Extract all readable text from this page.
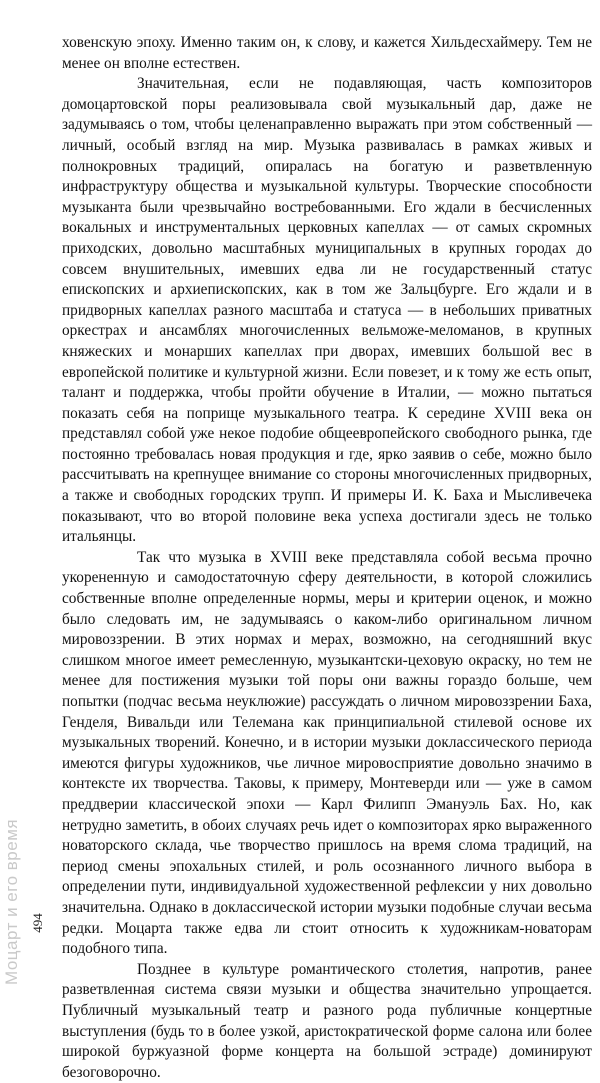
ховенскую эпоху. Именно таким он, к слову, и кажется Хильдесхаймеру. Тем не менее он вполне естествен.

Значительная, если не подавляющая, часть композиторов домоцартовской поры реализовывала свой музыкальный дар, даже не задумываясь о том, чтобы целенаправленно выражать при этом собственный — личный, особый взгляд на мир. Музыка развивалась в рамках живых и полнокровных традиций, опиралась на богатую и разветвленную инфраструктуру общества и музыкальной культуры. Творческие способности музыканта были чрезвычайно востребованными. Его ждали в бесчисленных вокальных и инструментальных церковных капеллах — от самых скромных приходских, довольно масштабных муниципальных в крупных городах до совсем внушительных, имевших едва ли не государственный статус епископских и архиепископских, как в том же Зальцбурге. Его ждали и в придворных капеллах разного масштаба и статуса — в небольших приватных оркестрах и ансамблях многочисленных вельможе-меломанов, в крупных княжеских и монарших капеллах при дворах, имевших большой вес в европейской политике и культурной жизни. Если повезет, и к тому же есть опыт, талант и поддержка, чтобы пройти обучение в Италии, — можно пытаться показать себя на поприще музыкального театра. К середине XVIII века он представлял собой уже некое подобие общеевропейского свободного рынка, где постоянно требовалась новая продукция и где, ярко заявив о себе, можно было рассчитывать на крепнущее внимание со стороны многочисленных придворных, а также и свободных городских трупп. И примеры И. К. Баха и Мысливечека показывают, что во второй половине века успеха достигали здесь не только итальянцы.

Так что музыка в XVIII веке представляла собой весьма прочно укорененную и самодостаточную сферу деятельности, в которой сложились собственные вполне определенные нормы, меры и критерии оценок, и можно было следовать им, не задумываясь о каком-либо оригинальном личном мировоззрении. В этих нормах и мерах, возможно, на сегодняшний вкус слишком многое имеет ремесленную, музыкантски-цеховую окраску, но тем не менее для постижения музыки той поры они важны гораздо больше, чем попытки (подчас весьма неуклюжие) рассуждать о личном мировоззрении Баха, Генделя, Вивальди или Телемана как принципиальной стилевой основе их музыкальных творений. Конечно, и в истории музыки доклассического периода имеются фигуры художников, чье личное мировосприятие довольно значимо в контексте их творчества. Таковы, к примеру, Монтеверди или — уже в самом преддверии классической эпохи — Карл Филипп Эмануэль Бах. Но, как нетрудно заметить, в обоих случаях речь идет о композиторах ярко выраженного новаторского склада, чье творчество пришлось на время слома традиций, на период смены эпохальных стилей, и роль осознанного личного выбора в определении пути, индивидуальной художественной рефлексии у них довольно значительна. Однако в доклассической истории музыки подобные случаи весьма редки. Моцарта также едва ли стоит относить к художникам-новаторам подобного типа.

Позднее в культуре романтического столетия, напротив, ранее разветвленная система связи музыки и общества значительно упрощается. Публичный музыкальный театр и разного рода публичные концертные выступления (будь то в более узкой, аристократической форме салона или более широкой буржуазной форме концерта на большой эстраде) доминируют безоговорочно.

Моцарт и его время 494
